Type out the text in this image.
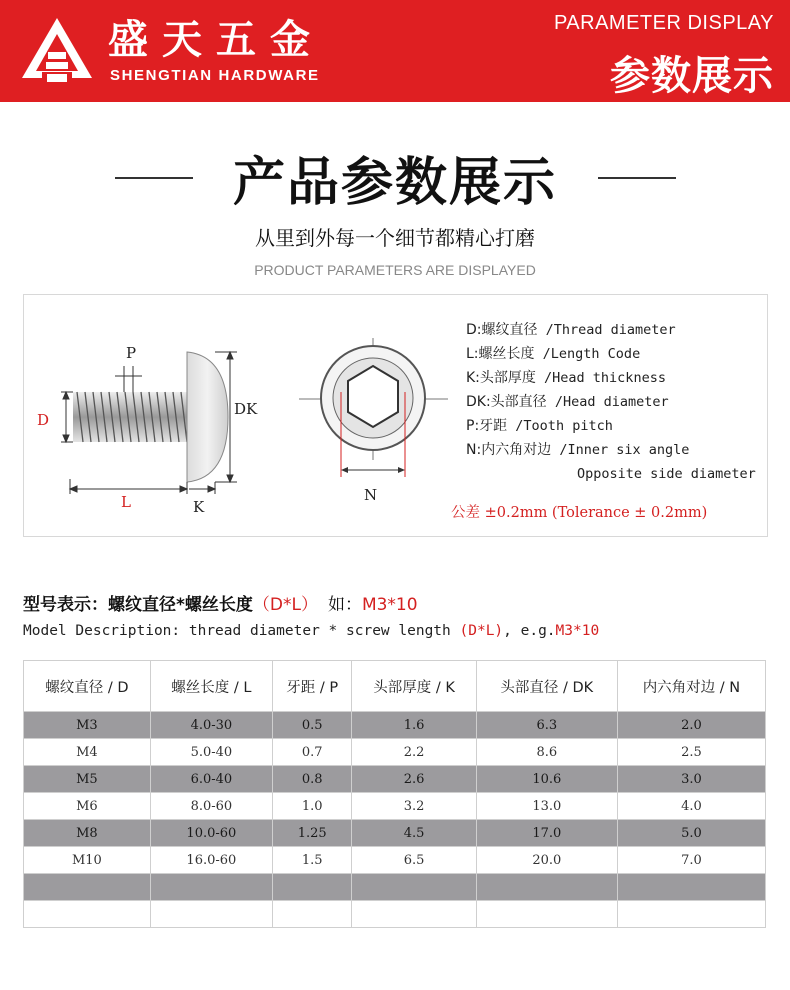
盛天五金
SHENGTIAN HARDWARE
PARAMETER DISPLAY
参数展示
产品参数展示
从里到外每一个细节都精心打磨
PRODUCT PARAMETERS ARE DISPLAYED
D
P
DK
L	K
N
D:螺纹直径 /Thread diameter
L:螺丝长度 /Length Code
K:头部厚度 /Head thickness
DK:头部直径 /Head diameter
P:牙距 /Tooth pitch
N:内六角对边 /Inner six angle
Opposite side diameter
公差 ±0.2mm (Tolerance ± 0.2mm)
型号表示：螺纹直径*螺丝长度（D*L） 如：M3*10
Model Description: thread diameter * screw length (D*L), e.g.M3*10
螺纹直径 / D	螺丝长度 / L	牙距 / P	头部厚度 / K	头部直径 / DK	内六角对边 / N
M3	4.0-30	0.5	1.6	6.3	2.0
M4	5.0-40	0.7	2.2	8.6	2.5
M5	6.0-40	0.8	2.6	10.6	3.0
M6	8.0-60	1.0	3.2	13.0	4.0
M8	10.0-60	1.25	4.5	17.0	5.0
M10	16.0-60	1.5	6.5	20.0	7.0
